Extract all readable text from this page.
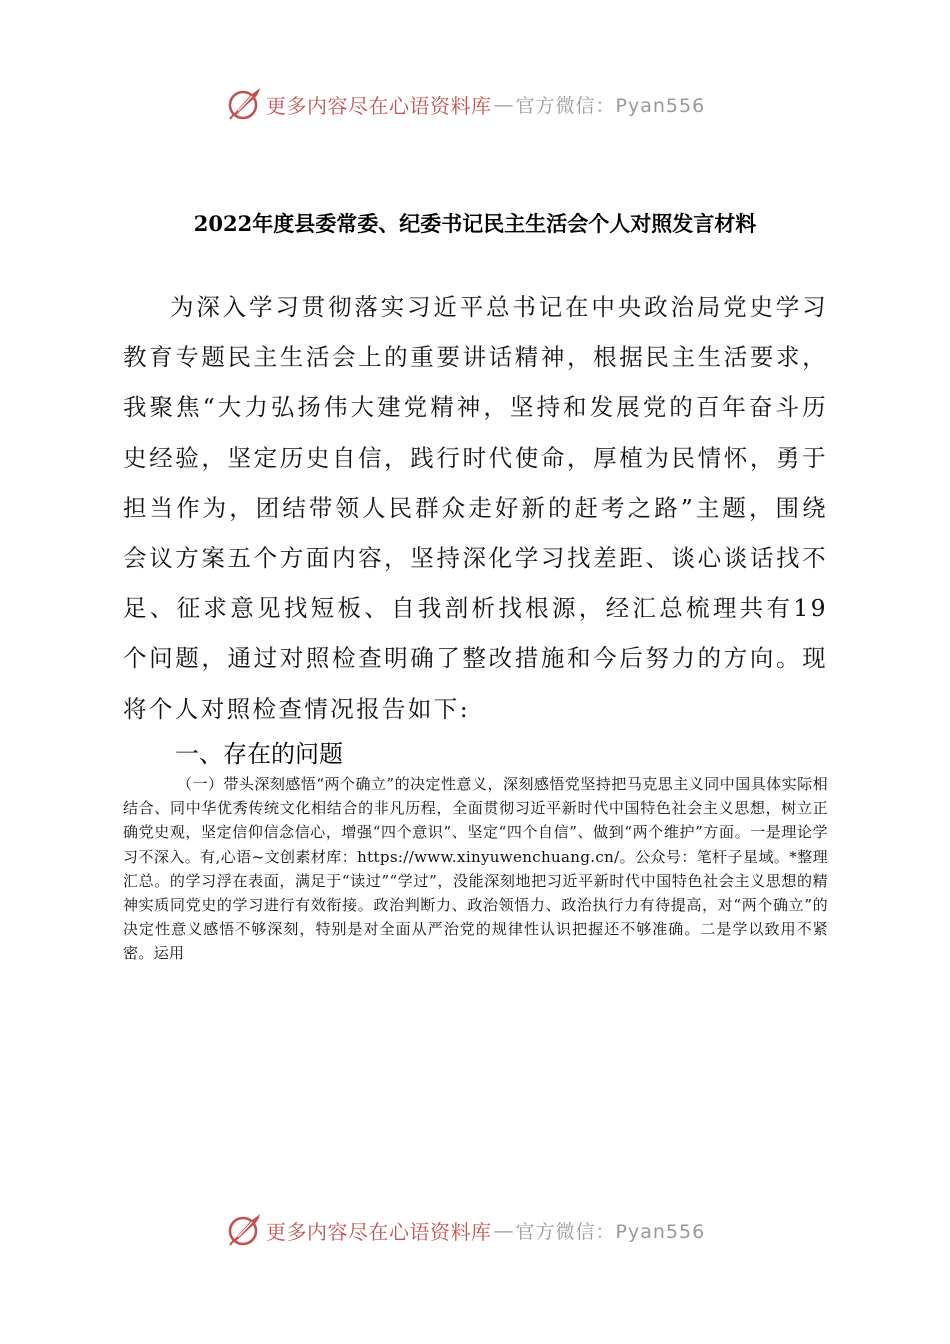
更多内容尽在心语资料库 — 官方微信：Pyan556
2022年度县委常委、纪委书记民主生活会个人对照发言材料

为深入学习贯彻落实习近平总书记在中央政治局党史学习教育专题民主生活会上的重要讲话精神，根据民主生活要求，我聚焦“大力弘扬伟大建党精神，坚持和发展党的百年奋斗历史经验，坚定历史自信，践行时代使命，厚植为民情怀，勇于担当作为，团结带领人民群众走好新的赶考之路”主题，围绕会议方案五个方面内容，坚持深化学习找差距、谈心谈话找不足、征求意见找短板、自我剖析找根源，经汇总梳理共有19个问题，通过对照检查明确了整改措施和今后努力的方向。现将个人对照检查情况报告如下:

一、存在的问题

（一）带头深刻感悟“两个确立”的决定性意义，深刻感悟党坚持把马克思主义同中国具体实际相结合、同中华优秀传统文化相结合的非凡历程，全面贯彻习近平新时代中国特色社会主义思想，树立正确党史观，坚定信仰信念信心，增强“四个意识”、坚定“四个自信”、做到“两个维护”方面。一是理论学习不深入。有,心语~文创素材库：https://www.xinyuwenchuang.cn/。公众号：笔杆子星域。*整理汇总。的学习浮在表面，满足于“读过”“学过”，没能深刻地把习近平新时代中国特色社会主义思想的精神实质同党史的学习进行有效衔接。政治判断力、政治领悟力、政治执行力有待提高，对“两个确立”的决定性意义感悟不够深刻，特别是对全面从严治党的规律性认识把握还不够准确。二是学以致用不紧密。运用

更多内容尽在心语资料库 — 官方微信：Pyan556
